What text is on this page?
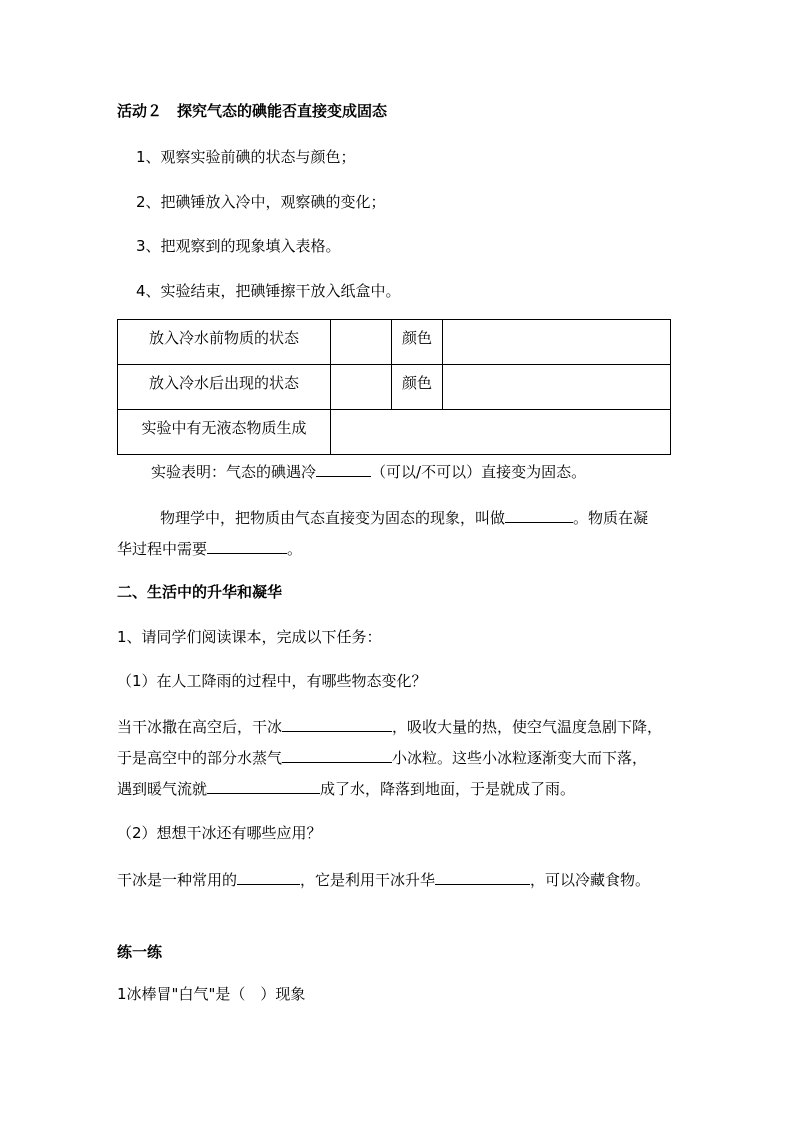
活动２　探究气态的碘能否直接变成固态
1、观察实验前碘的状态与颜色；
2、把碘锤放入冷中，观察碘的变化；
3、把观察到的现象填入表格。
4、实验结束，把碘锤擦干放入纸盒中。
放入冷水前物质的状态		颜色	

放入冷水后出现的状态		颜色	

实验中有无液态物质生成			

实验表明：气态的碘遇冷	（可以/不可以）直接变为固态。
物理学中，把物质由气态直接变为固态的现象，叫做	。物质在凝
华过程中需要	。
二、生活中的升华和凝华
1、请同学们阅读课本，完成以下任务：
（1）在人工降雨的过程中，有哪些物态变化？
当干冰撒在高空后，干冰	，吸收大量的热，使空气温度急剧下降，
于是高空中的部分水蒸气	小冰粒。这些小冰粒逐渐变大而下落，
遇到暖气流就	成了水，降落到地面，于是就成了雨。
（2）想想干冰还有哪些应用？
干冰是一种常用的	，它是利用干冰升华	，可以冷藏食物。
练一练
1冰棒冒"白气"是（　）现象
